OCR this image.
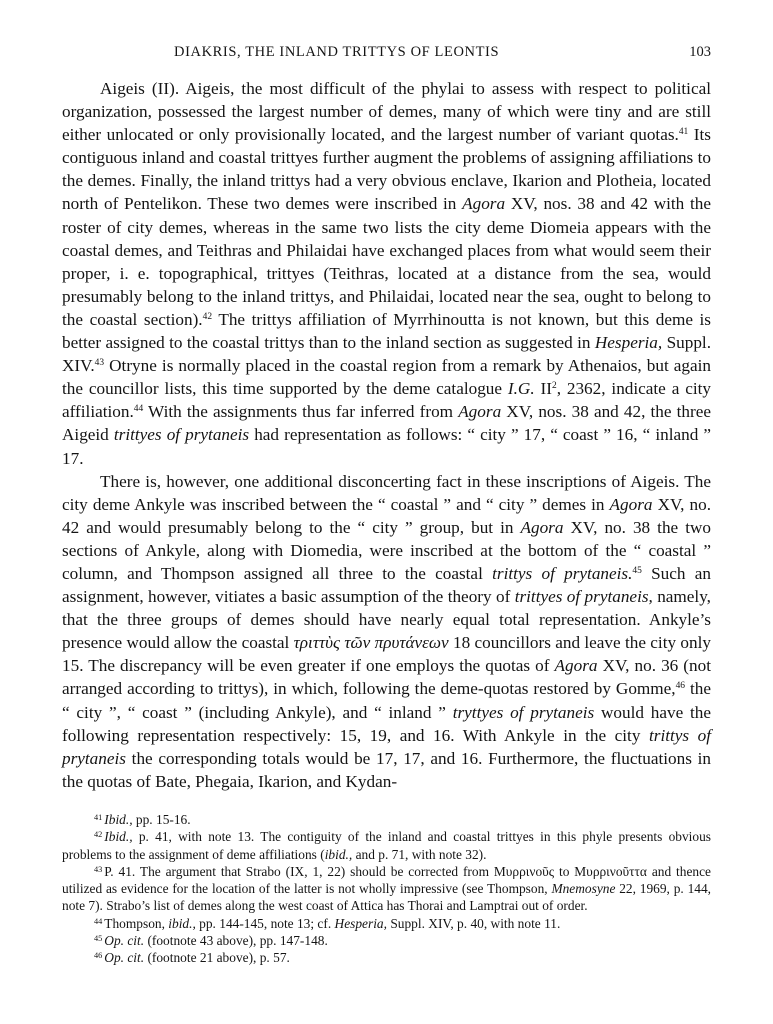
DIAKRIS, THE INLAND TRITTYS OF LEONTIS	103

Aigeis (II). Aigeis, the most difficult of the phylai to assess with respect to political organization, possessed the largest number of demes, many of which were tiny and are still either unlocated or only provisionally located, and the largest number of variant quotas.$^{41}$ Its contiguous inland and coastal trittyes further augment the problems of assigning affiliations to the demes. Finally, the inland trittys had a very obvious enclave, Ikarion and Plotheia, located north of Pentelikon. These two demes were inscribed in Agora XV, nos. 38 and 42 with the roster of city demes, whereas in the same two lists the city deme Diomeia appears with the coastal demes, and Teithras and Philaidai have exchanged places from what would seem their proper, i. e. topographical, trittyes (Teithras, located at a distance from the sea, would presumably belong to the inland trittys, and Philaidai, located near the sea, ought to belong to the coastal section).$^{42}$ The trittys affiliation of Myrrhinoutta is not known, but this deme is better assigned to the coastal trittys than to the inland section as suggested in Hesperia, Suppl. XIV.$^{43}$ Otryne is normally placed in the coastal region from a remark by Athenaios, but again the councillor lists, this time supported by the deme catalogue I.G. $II^2$, 2362, indicate a city affiliation.$^{44}$ With the assignments thus far inferred from Agora XV, nos. 38 and 42, the three Aigeid trittyes of prytaneis had representation as follows: “ city ” 17, “ coast ” 16, “ inland ” 17.

There is, however, one additional disconcerting fact in these inscriptions of Aigeis. The city deme Ankyle was inscribed between the “ coastal ” and “ city ” demes in Agora XV, no. 42 and would presumably belong to the “ city ” group, but in Agora XV, no. 38 the two sections of Ankyle, along with Diomedia, were inscribed at the bottom of the “ coastal ” column, and Thompson assigned all three to the coastal trittys of prytaneis.$^{45}$ Such an assignment, however, vitiates a basic assumption of the theory of trittyes of prytaneis, namely, that the three groups of demes should have nearly equal total representation. Ankyle’s presence would allow the coastal τριττὺς τῶν πρυτάνεων 18 councillors and leave the city only 15. The discrepancy will be even greater if one employs the quotas of Agora XV, no. 36 (not arranged according to trittys), in which, following the deme-quotas restored by Gomme,$^{46}$ the “ city ”, “ coast ” (including Ankyle), and “ inland ” tryttyes of prytaneis would have the following representation respectively: 15, 19, and 16. With Ankyle in the city trittys of prytaneis the corresponding totals would be 17, 17, and 16. Furthermore, the fluctuations in the quotas of Bate, Phegaia, Ikarion, and Kydan-

$^{41}$ Ibid., pp. 15-16.

$^{42}$ Ibid., p. 41, with note 13. The contiguity of the inland and coastal trittyes in this phyle presents obvious problems to the assignment of deme affiliations (ibid., and p. 71, with note 32).

$^{43}$ P. 41. The argument that Strabo (IX, 1, 22) should be corrected from Μυρρινοῦς to Μυρρινοῦττα and thence utilized as evidence for the location of the latter is not wholly impressive (see Thompson, Mnemosyne 22, 1969, p. 144, note 7). Strabo’s list of demes along the west coast of Attica has Thorai and Lamptrai out of order.

$^{44}$ Thompson, ibid., pp. 144-145, note 13; cf. Hesperia, Suppl. XIV, p. 40, with note 11.

$^{45}$ Op. cit. (footnote 43 above), pp. 147-148.

$^{46}$ Op. cit. (footnote 21 above), p. 57.
